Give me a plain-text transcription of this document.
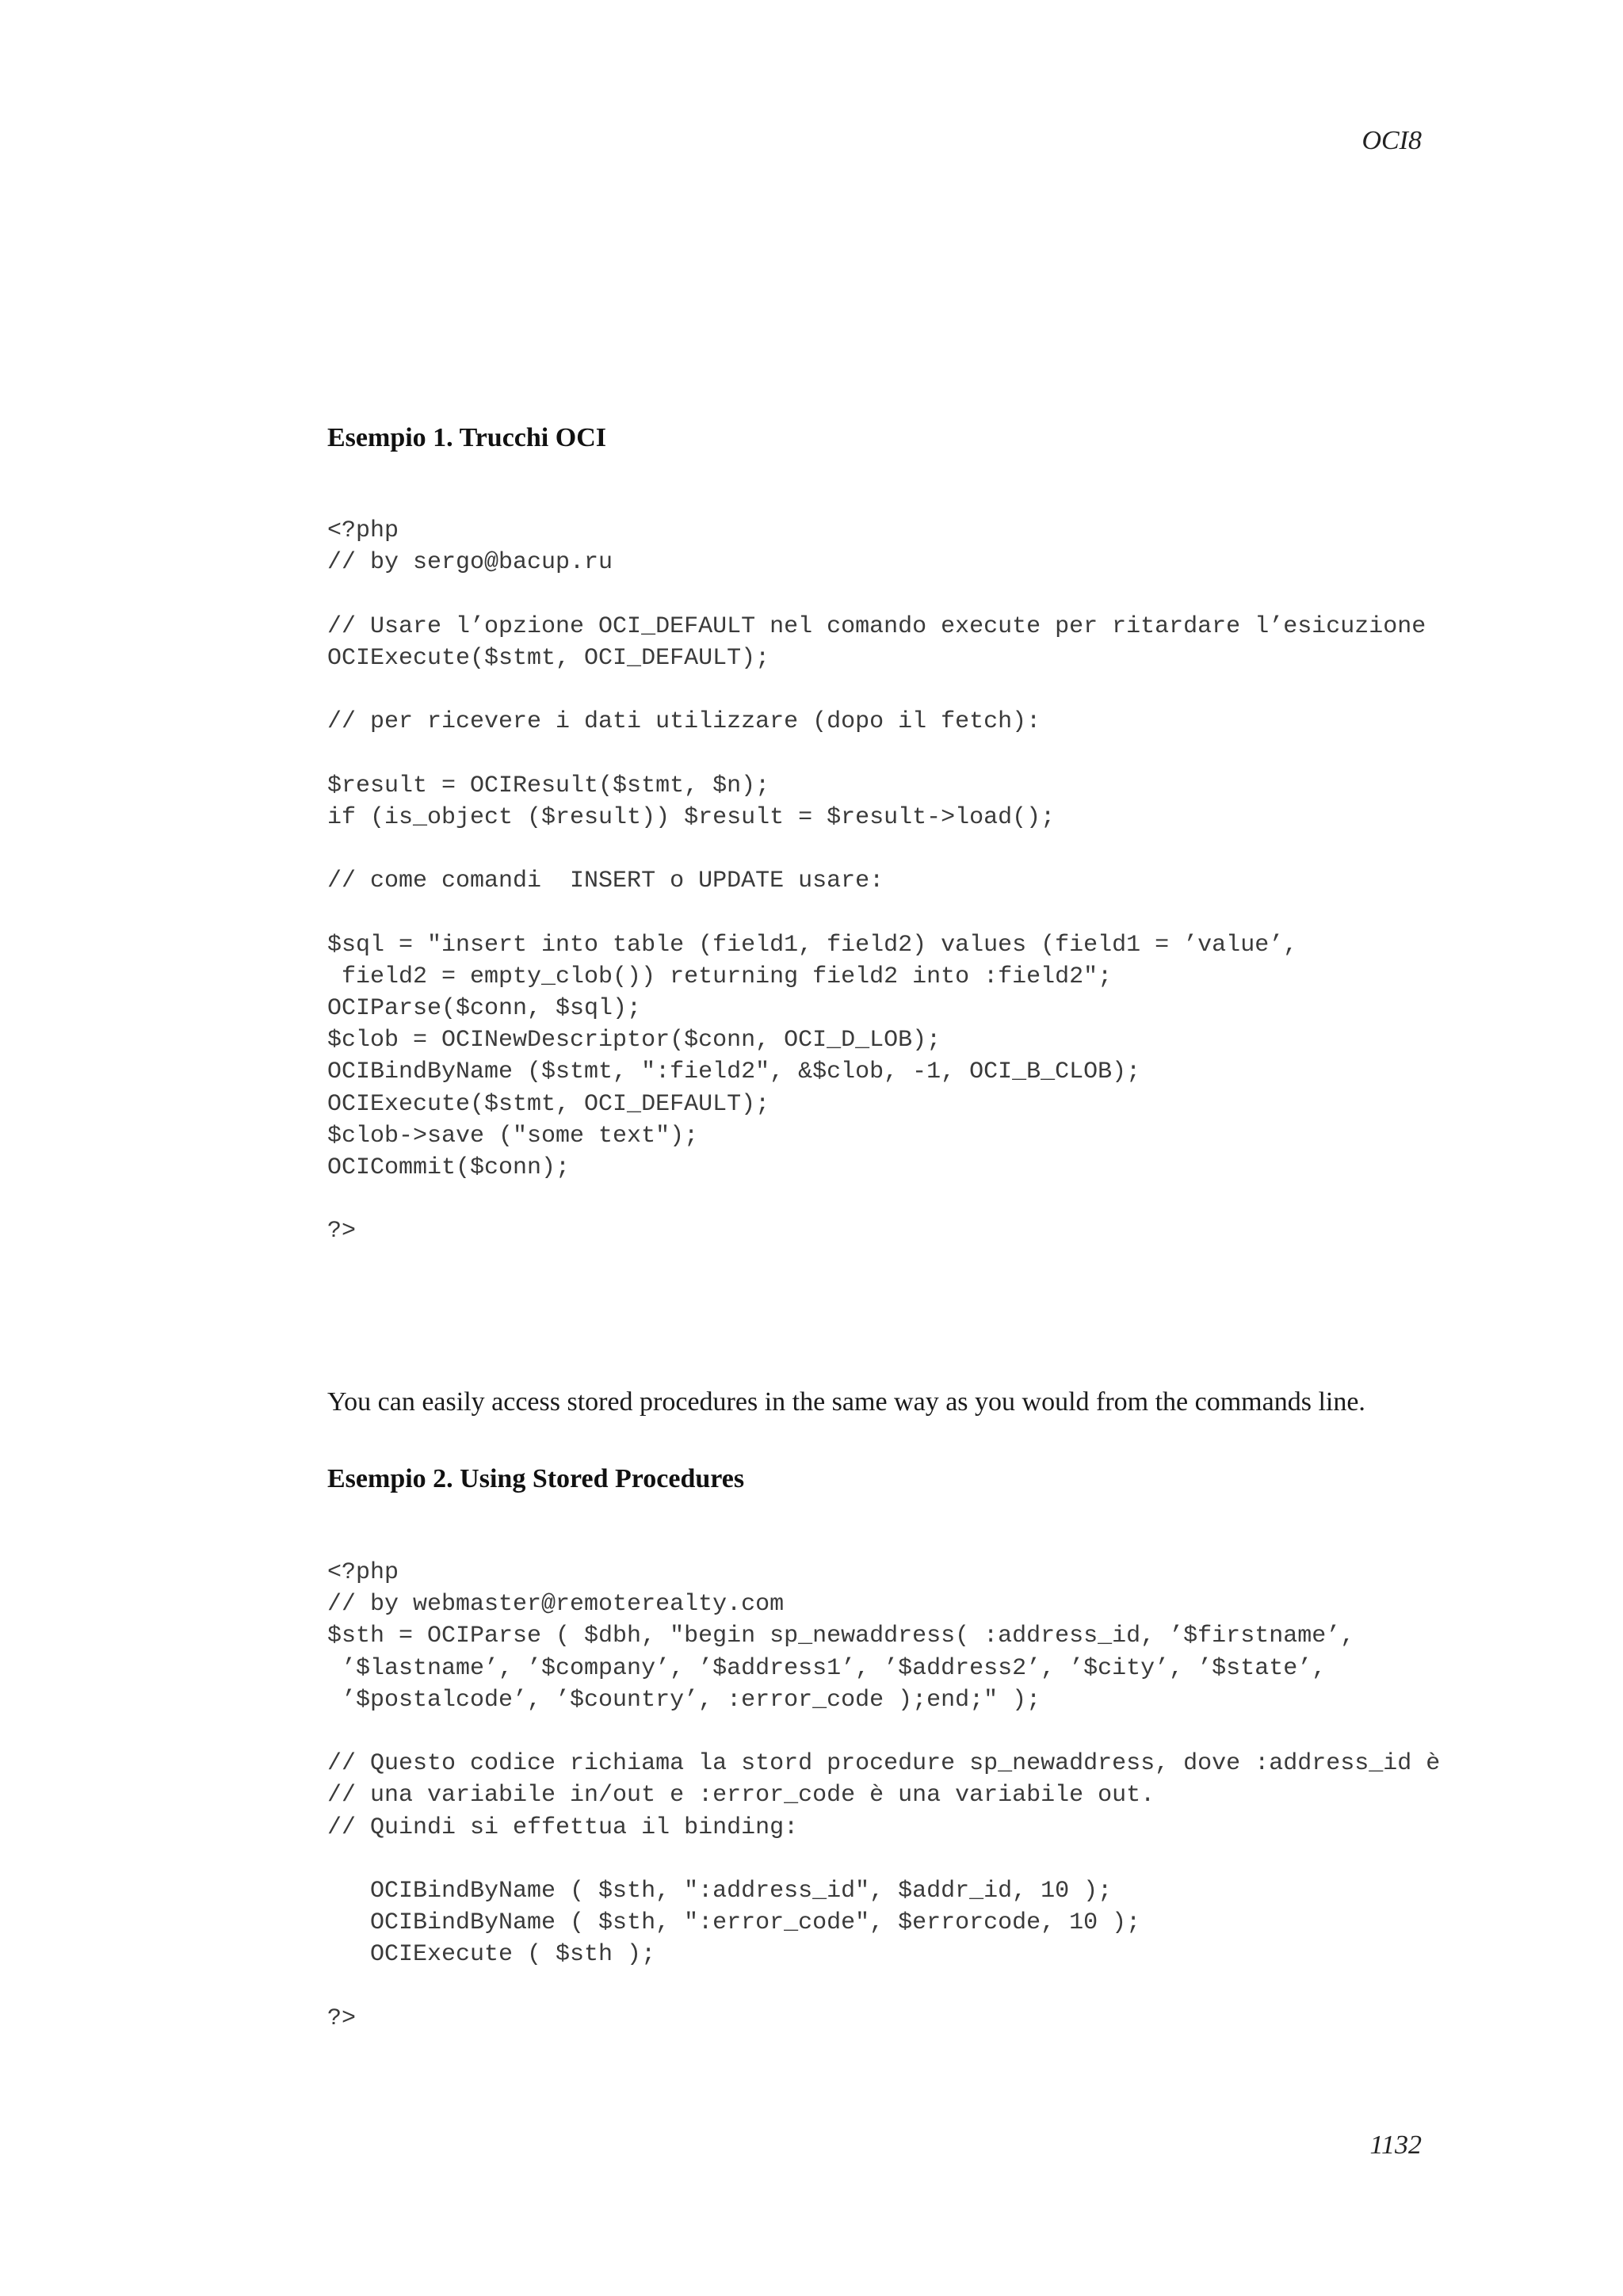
OCI8
Esempio 1. Trucchi OCI
<?php
// by sergo@bacup.ru

// Usare l’opzione OCI_DEFAULT nel comando execute per ritardare l’esicuzione
OCIExecute($stmt, OCI_DEFAULT);

// per ricevere i dati utilizzare (dopo il fetch):

$result = OCIResult($stmt, $n);
if (is_object ($result)) $result = $result->load();

// come comandi  INSERT o UPDATE usare:

$sql = "insert into table (field1, field2) values (field1 = ’value’,
field2 = empty_clob()) returning field2 into :field2";
OCIParse($conn, $sql);
$clob = OCINewDescriptor($conn, OCI_D_LOB);
OCIBindByName ($stmt, ":field2", &$clob, -1, OCI_B_CLOB);
OCIExecute($stmt, OCI_DEFAULT);
$clob->save ("some text");
OCICommit($conn);

?>

You can easily access stored procedures in the same way as you would from the commands line.

Esempio 2. Using Stored Procedures
<?php
// by webmaster@remoterealty.com
$sth = OCIParse ( $dbh, "begin sp_newaddress( :address_id, ’$firstname’,
’$lastname’, ’$company’, ’$address1’, ’$address2’, ’$city’, ’$state’,
’$postalcode’, ’$country’, :error_code );end;" );

// Questo codice richiama la stord procedure sp_newaddress, dove :address_id è
// una variabile in/out e :error_code è una variabile out.
// Quindi si effettua il binding:

OCIBindByName ( $sth, ":address_id", $addr_id, 10 );
OCIBindByName ( $sth, ":error_code", $errorcode, 10 );
OCIExecute ( $sth );

?>
1132
